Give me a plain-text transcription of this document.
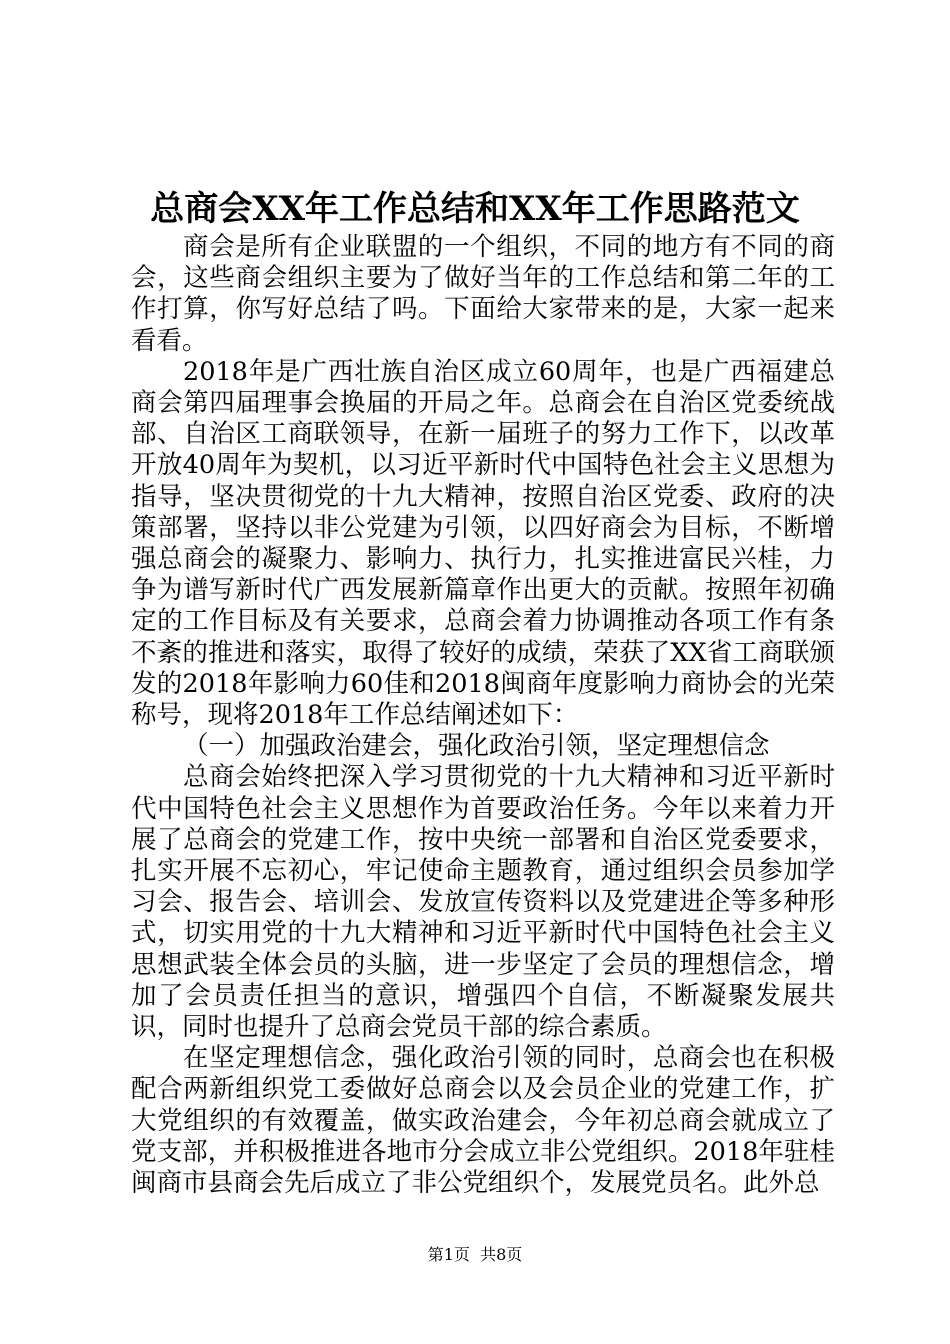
总商会XX年工作总结和XX年工作思路范文

商会是所有企业联盟的一个组织，不同的地方有不同的商会，这些商会组织主要为了做好当年的工作总结和第二年的工作打算，你写好总结了吗。下面给大家带来的是，大家一起来看看。

2018年是广西壮族自治区成立60周年，也是广西福建总商会第四届理事会换届的开局之年。总商会在自治区党委统战部、自治区工商联领导，在新一届班子的努力工作下，以改革开放40周年为契机，以习近平新时代中国特色社会主义思想为指导，坚决贯彻党的十九大精神，按照自治区党委、政府的决策部署，坚持以非公党建为引领，以四好商会为目标，不断增强总商会的凝聚力、影响力、执行力，扎实推进富民兴桂，力争为谱写新时代广西发展新篇章作出更大的贡献。按照年初确定的工作目标及有关要求，总商会着力协调推动各项工作有条不紊的推进和落实，取得了较好的成绩，荣获了XX省工商联颁发的2018年影响力60佳和2018闽商年度影响力商协会的光荣称号，现将2018年工作总结阐述如下：

（一）加强政治建会，强化政治引领，坚定理想信念

总商会始终把深入学习贯彻党的十九大精神和习近平新时代中国特色社会主义思想作为首要政治任务。今年以来着力开展了总商会的党建工作，按中央统一部署和自治区党委要求，扎实开展不忘初心，牢记使命主题教育，通过组织会员参加学习会、报告会、培训会、发放宣传资料以及党建进企等多种形式，切实用党的十九大精神和习近平新时代中国特色社会主义思想武装全体会员的头脑，进一步坚定了会员的理想信念，增加了会员责任担当的意识，增强四个自信，不断凝聚发展共识，同时也提升了总商会党员干部的综合素质。

在坚定理想信念，强化政治引领的同时，总商会也在积极配合两新组织党工委做好总商会以及会员企业的党建工作，扩大党组织的有效覆盖，做实政治建会，今年初总商会就成立了党支部，并积极推进各地市分会成立非公党组织。2018年驻桂闽商市县商会先后成立了非公党组织个，发展党员名。此外总

第1页  共8页
